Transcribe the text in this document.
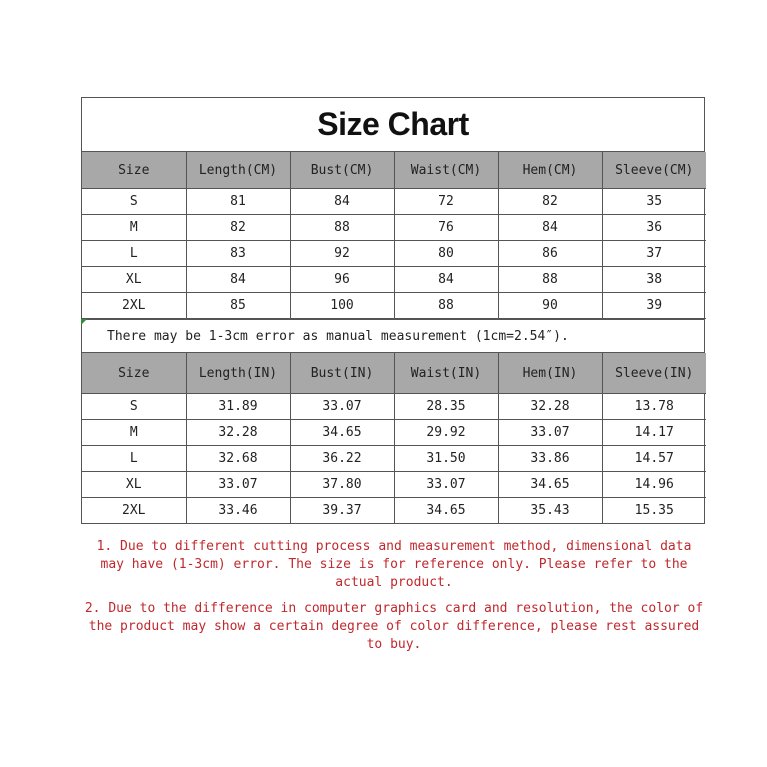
Size Chart
Size	Length(CM)	Bust(CM)	Waist(CM)	Hem(CM)	Sleeve(CM)
S	81	84	72	82	35
M	82	88	76	84	36
L	83	92	80	86	37
XL	84	96	84	88	38
2XL	85	100	88	90	39
There may be 1-3cm error as manual measurement (1cm=2.54″).
Size	Length(IN)	Bust(IN)	Waist(IN)	Hem(IN)	Sleeve(IN)
S	31.89	33.07	28.35	32.28	13.78
M	32.28	34.65	29.92	33.07	14.17
L	32.68	36.22	31.50	33.86	14.57
XL	33.07	37.80	33.07	34.65	14.96
2XL	33.46	39.37	34.65	35.43	15.35
1. Due to different cutting process and measurement method, dimensional data may have (1-3cm) error. The size is for reference only. Please refer to the actual product.
2. Due to the difference in computer graphics card and resolution, the color of the product may show a certain degree of color difference, please rest assured to buy.
